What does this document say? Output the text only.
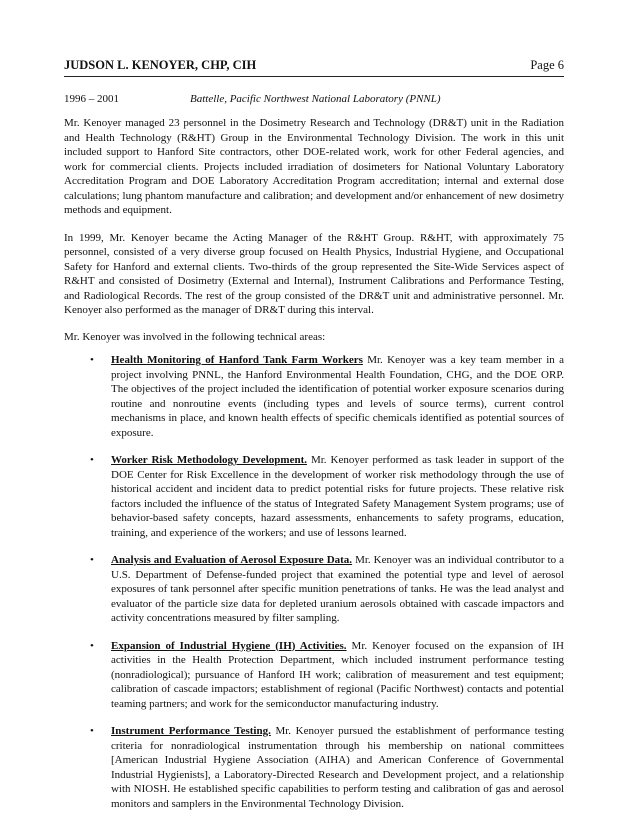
JUDSON L. KENOYER, CHP, CIH	Page 6
1996 – 2001	Battelle, Pacific Northwest National Laboratory (PNNL)

Mr. Kenoyer managed 23 personnel in the Dosimetry Research and Technology (DR&T) unit in the Radiation and Health Technology (R&HT) Group in the Environmental Technology Division. The work in this unit included support to Hanford Site contractors, other DOE-related work, work for other Federal agencies, and work for commercial clients. Projects included irradiation of dosimeters for National Voluntary Laboratory Accreditation Program and DOE Laboratory Accreditation Program accreditation; internal and external dose calculations; lung phantom manufacture and calibration; and development and/or enhancement of new dosimetry methods and equipment.

In 1999, Mr. Kenoyer became the Acting Manager of the R&HT Group. R&HT, with approximately 75 personnel, consisted of a very diverse group focused on Health Physics, Industrial Hygiene, and Occupational Safety for Hanford and external clients. Two-thirds of the group represented the Site-Wide Services aspect of R&HT and consisted of Dosimetry (External and Internal), Instrument Calibrations and Performance Testing, and Radiological Records. The rest of the group consisted of the DR&T unit and administrative personnel. Mr. Kenoyer also performed as the manager of DR&T during this interval.

Mr. Kenoyer was involved in the following technical areas:

• Health Monitoring of Hanford Tank Farm Workers Mr. Kenoyer was a key team member in a project involving PNNL, the Hanford Environmental Health Foundation, CHG, and the DOE ORP. The objectives of the project included the identification of potential worker exposure scenarios during routine and nonroutine events (including types and levels of source terms), current control mechanisms in place, and known health effects of specific chemicals identified as potential sources of exposure.
• Worker Risk Methodology Development. Mr. Kenoyer performed as task leader in support of the DOE Center for Risk Excellence in the development of worker risk methodology through the use of historical accident and incident data to predict potential risks for future projects. These relative risk factors included the influence of the status of Integrated Safety Management System programs; use of behavior-based safety concepts, hazard assessments, enhancements to safety programs, education, training, and experience of the workers; and use of lessons learned.
• Analysis and Evaluation of Aerosol Exposure Data. Mr. Kenoyer was an individual contributor to a U.S. Department of Defense-funded project that examined the potential type and level of aerosol exposures of tank personnel after specific munition penetrations of tanks. He was the lead analyst and evaluator of the particle size data for depleted uranium aerosols obtained with cascade impactors and activity concentrations measured by filter sampling.
• Expansion of Industrial Hygiene (IH) Activities. Mr. Kenoyer focused on the expansion of IH activities in the Health Protection Department, which included instrument performance testing (nonradiological); pursuance of Hanford IH work; calibration of measurement and test equipment; calibration of cascade impactors; establishment of regional (Pacific Northwest) contacts and potential teaming partners; and work for the semiconductor manufacturing industry.
• Instrument Performance Testing. Mr. Kenoyer pursued the establishment of performance testing criteria for nonradiological instrumentation through his membership on national committees [American Industrial Hygiene Association (AIHA) and American Conference of Governmental Industrial Hygienists], a Laboratory-Directed Research and Development project, and a relationship with NIOSH. He established specific capabilities to perform testing and calibration of gas and aerosol monitors and samplers in the Environmental Technology Division.
